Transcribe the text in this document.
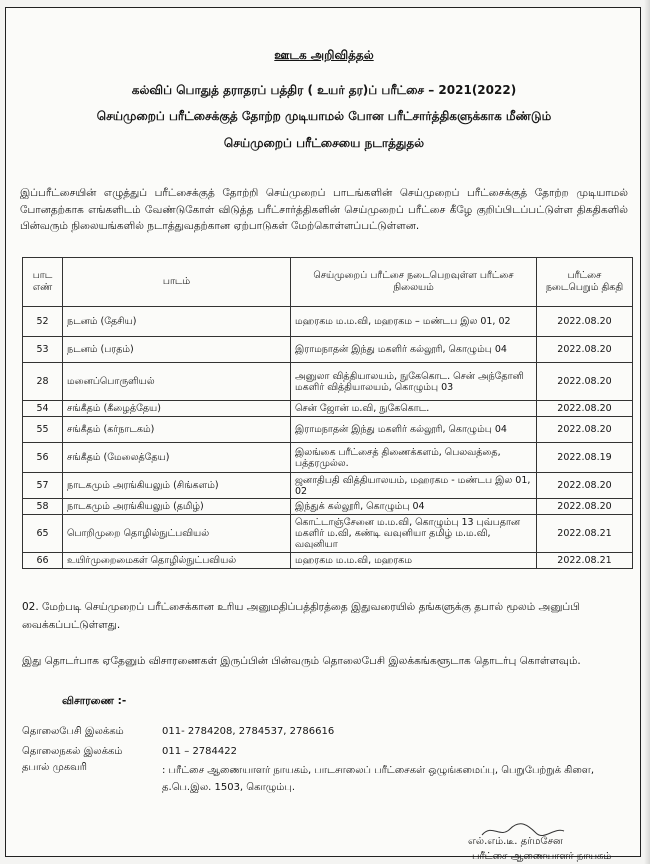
ஊடக அறிவித்தல்
கல்விப் பொதுத் தராதரப் பத்திர ( உயர் தர)ப் பரீட்சை – 2021(2022)
செய்முறைப் பரீட்சைக்குத் தோற்ற முடியாமல் போன பரீட்சார்த்திகளுக்காக மீண்டும்
செய்முறைப் பரீட்சையை நடாத்துதல்
இப்பரீட்சையின் எழுத்துப் பரீட்சைக்குத் தோற்றி செய்முறைப் பாடங்களின் செய்முறைப் பரீட்சைக்குத் தோற்ற முடியாமல் போனதற்காக எங்களிடம் வேண்டுகோள் விடுத்த பரீட்சார்த்திகளின் செய்முறைப் பரீட்சை கீழே குறிப்பிடப்பட்டுள்ள திகதிகளில் பின்வரும் நிலையங்களில் நடாத்துவதற்கான ஏற்பாடுகள் மேற்கொள்ளப்பட்டுள்ளன.
பாட எண்	பாடம்	செய்முறைப் பரீட்சை நடைபெறவுள்ள பரீட்சை நிலையம்	பரீட்சை நடைபெறும் திகதி
52	நடனம் (தேசிய)	மஹரகம ம.ம.வி, மஹரகம – மண்டப இல 01, 02	2022.08.20
53	நடனம் (பரதம்)	இராமநாதன் இந்து மகளிர் கல்லூரி, கொழும்பு 04	2022.08.20
28	மனைப்பொருளியல்	அனுலா வித்தியாலயம், நுகேகொட. சென் அந்தோனி மகளிர் வித்தியாலயம், கொழும்பு 03	2022.08.20
54	சங்கீதம் (கீழைத்தேய)	சென் ஜோன் ம.வி, நுகேகொட.	2022.08.20
55	சங்கீதம் (கர்நாடகம்)	இராமநாதன் இந்து மகளிர் கல்லூரி, கொழும்பு 04	2022.08.20
56	சங்கீதம் (மேலைத்தேய)	இலங்கை பரீட்சைத் திணைக்களம், பெலவத்தை, பத்தரமுல்ல.	2022.08.19
57	நாடகமும் அரங்கியலும் (சிங்களம்)	ஜனாதிபதி வித்தியாலயம், மஹரகம - மண்டப இல 01, 02	2022.08.20
58	நாடகமும் அரங்கியலும் (தமிழ்)	இந்துக் கல்லூரி, கொழும்பு 04	2022.08.20
65	பொறிமுறை தொழில்நுட்பவியல்	கொட்டாஞ்சேனை ம.ம.வி, கொழும்பு 13 புவ்பதான மகளிர் ம.வி, கண்டி வவுனியா தமிழ் ம.ம.வி, வவுனியா	2022.08.21
66	உயிர்முறைமைகள் தொழில்நுட்பவியல்	மஹரகம ம.ம.வி, மஹரகம	2022.08.21
02. மேற்படி செய்முறைப் பரீட்சைக்கான உரிய அனுமதிப்பத்திரத்தை இதுவரையில் தங்களுக்கு தபால் மூலம் அனுப்பி வைக்கப்பட்டுள்ளது.
இது தொடர்பாக ஏதேனும் விசாரணைகள் இருப்பின் பின்வரும் தொலைபேசி இலக்கங்களூடாக தொடர்பு கொள்ளவும்.
விசாரணை :-
தொலைபேசி இலக்கம்	011- 2784208, 2784537, 2786616
தொலைநகல் இலக்கம்	011 – 2784422
தபால் முகவரி	: பரீட்சை ஆணையாளர் நாயகம், பாடசாலைப் பரீட்சைகள் ஒழுங்கமைப்பு, பெறுபேற்றுக் கிளை, த.பெ.இல. 1503, கொழும்பு.
எல்.எம்.டீ. தர்மசேன
பரீட்சை ஆணையாளர் நாயகம்
